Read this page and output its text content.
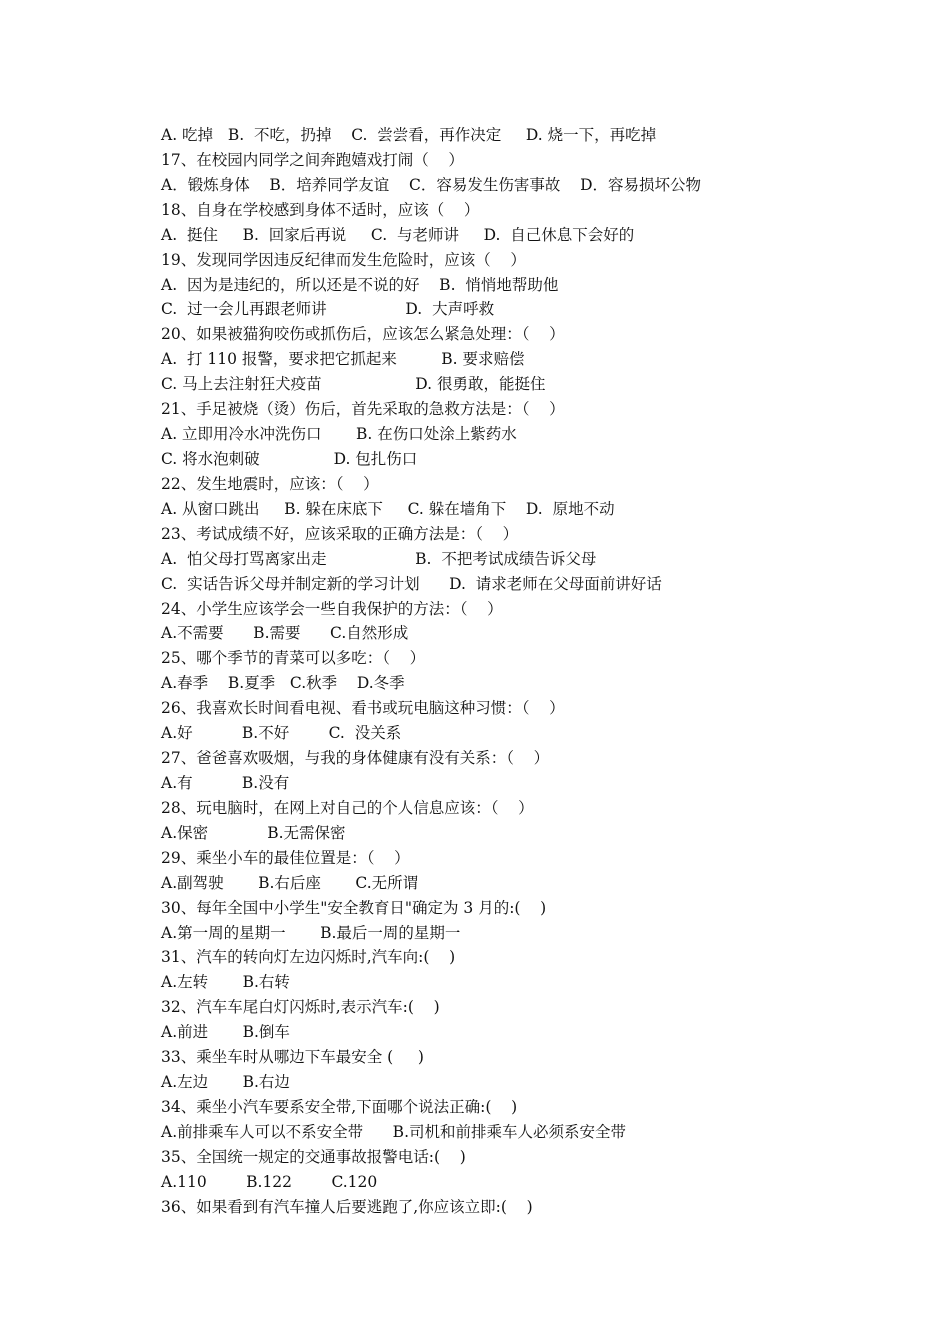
A. 吃掉   B.  不吃，扔掉    C.  尝尝看，再作决定     D. 烧一下，再吃掉
17、在校园内同学之间奔跑嬉戏打闹（    ）
A．锻炼身体    B．培养同学友谊    C．容易发生伤害事故    D．容易损坏公物
18、自身在学校感到身体不适时，应该（    ）
A.  挺住     B.  回家后再说     C.  与老师讲     D.  自己休息下会好的
19、发现同学因违反纪律而发生危险时，应该（    ）
A.  因为是违纪的，所以还是不说的好    B.  悄悄地帮助他
C.  过一会儿再跟老师讲                D.  大声呼救
20、如果被猫狗咬伤或抓伤后，应该怎么紧急处理：（    ）
A.  打 110 报警，要求把它抓起来         B. 要求赔偿
C. 马上去注射狂犬疫苗                   D. 很勇敢，能挺住
21、手足被烧（烫）伤后，首先采取的急救方法是：（    ）
A. 立即用冷水冲洗伤口       B. 在伤口处涂上紫药水
C. 将水泡刺破               D. 包扎伤口
22、发生地震时，应该：（    ）
A. 从窗口跳出     B. 躲在床底下     C. 躲在墙角下    D.  原地不动
23、考试成绩不好，应该采取的正确方法是：（    ）
A.  怕父母打骂离家出走                  B.  不把考试成绩告诉父母
C.  实话告诉父母并制定新的学习计划      D.  请求老师在父母面前讲好话
24、小学生应该学会一些自我保护的方法：（    ）
A.不需要      B.需要      C.自然形成
25、哪个季节的青菜可以多吃：（    ）
A.春季    B.夏季   C.秋季    D.冬季
26、我喜欢长时间看电视、看书或玩电脑这种习惯：（    ）
A.好          B.不好        C.  没关系
27、爸爸喜欢吸烟，与我的身体健康有没有关系：（    ）
A.有          B.没有
28、玩电脑时，在网上对自己的个人信息应该：（    ）
A.保密            B.无需保密
29、乘坐小车的最佳位置是：（    ）
A.副驾驶       B.右后座       C.无所谓
30、每年全国中小学生"安全教育日"确定为 3 月的:(    )
A.第一周的星期一       B.最后一周的星期一
31、汽车的转向灯左边闪烁时,汽车向:(    )
A.左转       B.右转
32、汽车车尾白灯闪烁时,表示汽车:(    )
A.前进       B.倒车
33、乘坐车时从哪边下车最安全 (     )
A.左边       B.右边
34、乘坐小汽车要系安全带,下面哪个说法正确:(    )
A.前排乘车人可以不系安全带      B.司机和前排乘车人必须系安全带
35、全国统一规定的交通事故报警电话:(    )
A.110        B.122        C.120
36、如果看到有汽车撞人后要逃跑了,你应该立即:(    )
